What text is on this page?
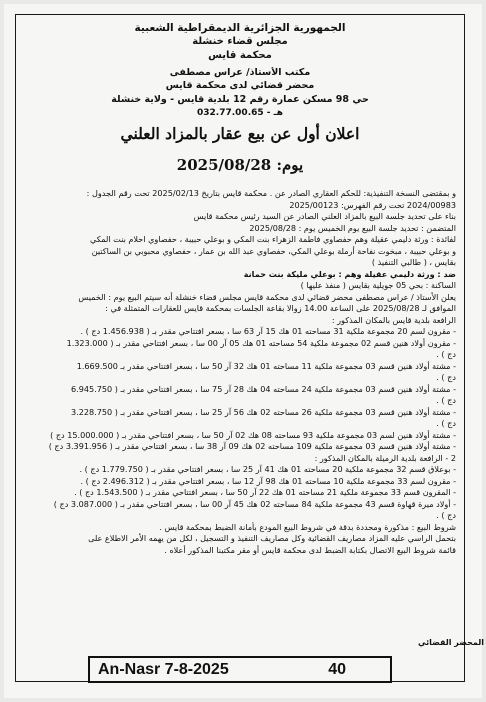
الجمهورية الجزائرية الديمقراطية الشعبية
مجلس قضاء خنشلة
محكمة قايس
مكتب الأستاذ/ عراس مصطفى
محضر قضائي لدى محكمة قايس
حي 98 مسكن عمارة رقم 12 بلدية قايس - ولاية خنشلة
032.77.00.65 - هـ
اعلان أول عن بيع عقار بالمزاد العلني
يوم: 2025/08/28
و بمقتضى النسخة التنفيذية: للحكم العقاري الصادر عن . محكمة قايس بتاريخ 2025/02/13 تحت رقم الجدول :
2024/00983 تحت رقم الفهرس: 2025/00123
بناء على تحديد جلسة البيع بالمزاد العلني الصادر عن السيد رئيس محكمة قايس
المتضمن : تحديد جلسة البيع يوم الخميس يوم : 2025/08/28
لفائدة : ورثة دليمي عقيلة وهم حفصاوي فاطمة الزهراء بنت المكي و بوعلي حبيبة ، حفصاوي احلام بنت المكي
و بوعلي حبيبة ، مبخوت نفاحة أرملة بوعلي المكي، حفصاوي عبد الله بن عمار ، حفصاوي محبوبي بن الساكتين
بقايس ، ( طالبي التنفيذ )
ضد : ورثة دليمي عقيلة وهم : بوعلي مليكة بنت حمانة
الساكنة : بحي 05 جويلية بقايس ( منفذ عليها )
يعلن الأستاذ / عراس مصطفى محضر قضائي لدى محكمة قايس مجلس قضاء خنشلة أنه سيتم البيع يوم : الخميس
الموافق لـ 2025/08/28 على الساعة 14.00 زوالا بقاعة الجلسات بمحكمة قايس للعقارات المتمثلة في :
الرافعة بلدية قايس بالمكان المذكور :
- مقرون لسم 20 مجموعة ملكية 31 مساحته 01 هك 15 آر 63 سا ، بسعر افتتاحي مقدر بـ ( 1.456.938 دج ) .
- مقرون أولاد هنين قسم 02 مجموعة ملكية 54 مساحته 01 هك 05 آر 00 سا ، بسعر افتتاحي مقدر بـ ( 1.323.000
دج ) .
- مشتة أولاد هنين قسم 03 مجموعة ملكية 11 مساحته 01 هك 32 آر 50 سا ، بسعر افتتاحي مقدر بـ 1.669.500
دج ) .
- مشتة أولاد هنين قسم 03 مجموعة ملكية 24 مساحته 04 هك 28 آر 75 سا ، بسعر افتتاحي مقدر بـ ( 6.945.750
دج ) .
- مشتة أولاد هنين قسم 03 مجموعة ملكية 26 مساحته 02 هك 56 آر 25 سا ، بسعر افتتاحي مقدر بـ ( 3.228.750
دج ) .
- مشتة أولاد هنين لسم 03 مجموعة ملكية 93 مساحته 08 هك 02 آر 50 سا ، بسعر افتتاحي مقدر بـ ( 15.000.000 دج )
- مشتة أولاد هنين قسم 03 مجموعة ملكية 109 مساحته 02 هك 09 آر 38 سا ، بسعر افتتاحي مقدر بـ ( 3.391.956 دج )
2 - الرافعة بلدية الرميلة بالمكان المذكور :
- بوعلاق قسم 32 مجموعة ملكية 20 مساحته 01 هك 41 آر 25 سا ، بسعر افتتاحي مقدر بـ ( 1.779.750 دج ) .
- مقرون لسم 33 مجموعة ملكية 10 مساحته 01 هك 98 آر 12 سا ، بسعر افتتاحي مقدر بـ ( 2.496.312 دج ) .
- المقرون قسم 33 مجموعة ملكية 21 مساحته 01 هك 22 آر 50 سا ، بسعر افتتاحي مقدر بـ ( 1.543.500 دج ) .
- أولاد ميرة قهاوة قسم 43 مجموعة ملكية 84 مساحته 02 هك 45 آر 00 سا ، بسعر افتتاحي مقدر بـ ( 3.087.000 دج )
دج ) .
شروط البيع : مذكورة ومحددة بدقة في شروط البيع المودع بأمانة الضبط بمحكمة قايس .
بتحمل الراسي عليه المزاد مصاريف القضائية وكل مصاريف التنفيذ و التسجيل ، لكل من يهمه الأمر الاطلاع على
قائمة شروط البيع الاتصال بكتابة الضبط لدى محكمة قايس أو مقر مكتبنا المذكور أعلاه .
المحضر القضائي
An-Nasr 7-8-2025	40
